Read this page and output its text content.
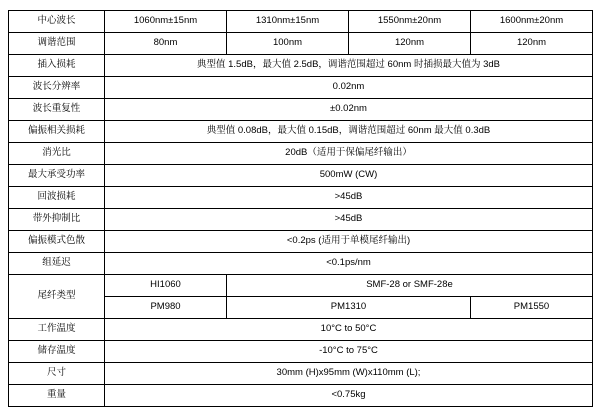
中心波长	1060nm±15nm	1310nm±15nm	1550nm±20nm	1600nm±20nm
调谐范围	80nm	100nm	120nm	120nm
插入损耗	典型值 1.5dB，最大值 2.5dB，调谐范围超过 60nm 时插损最大值为 3dB			
波长分辨率	0.02nm			
波长重复性	±0.02nm			
偏振相关损耗	典型值 0.08dB，最大值 0.15dB，调谐范围超过 60nm 最大值 0.3dB			
消光比	20dB（适用于保偏尾纤输出）			
最大承受功率	500mW (CW)			
回波损耗	>45dB			
带外抑制比	>45dB			
偏振模式色散	<0.2ps (适用于单模尾纤输出)			
组延迟	<0.1ps/nm			
尾纤类型	HI1060	SMF-28 or SMF-28e		
	PM980	PM1310		PM1550
工作温度	10°C to 50°C			
储存温度	-10°C to 75°C			
尺寸	30mm (H)x95mm (W)x110mm (L);			
重量	<0.75kg			
